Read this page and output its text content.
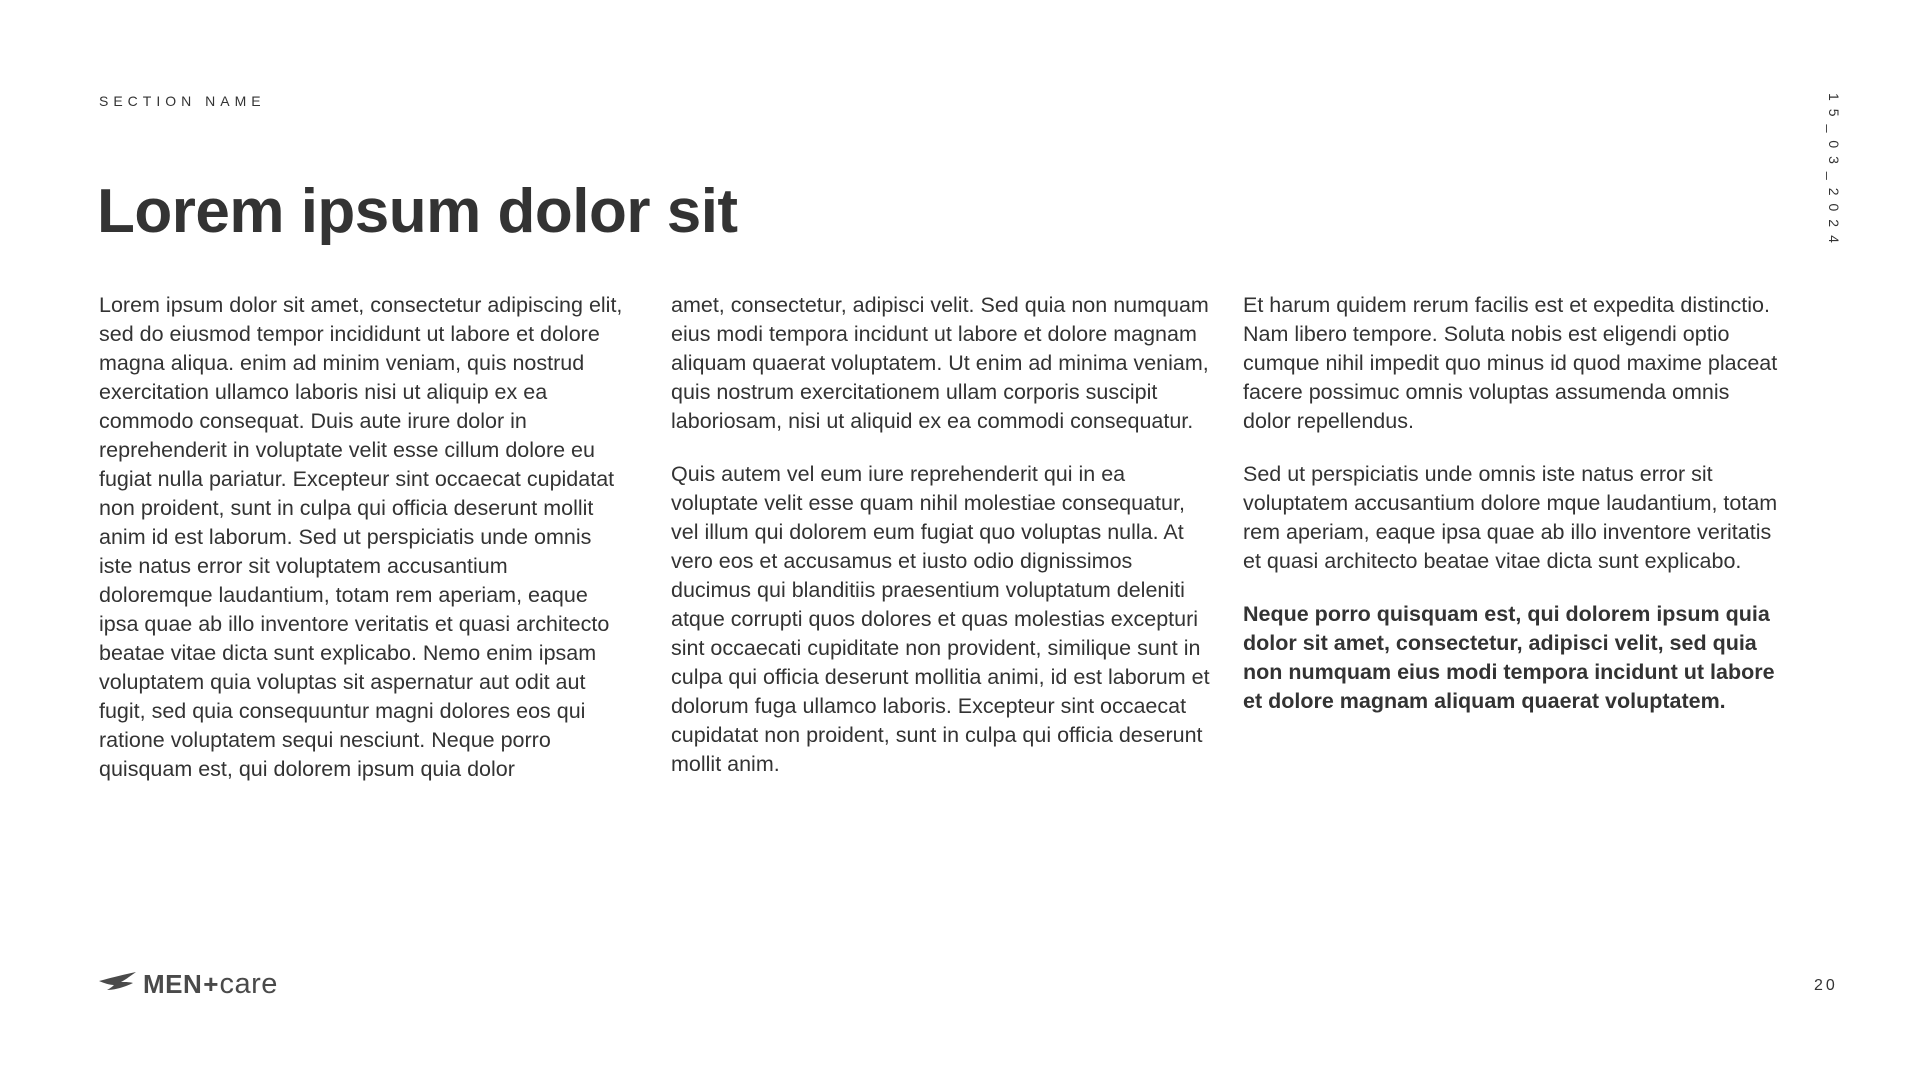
SECTION NAME	15_03_2024
Lorem ipsum dolor sit

Lorem ipsum dolor sit amet, consectetur adipiscing elit, sed do eiusmod tempor incididunt ut labore et dolore magna aliqua. enim ad minim veniam, quis nostrud exercitation ullamco laboris nisi ut aliquip ex ea commodo consequat. Duis aute irure dolor in reprehenderit in voluptate velit esse cillum dolore eu fugiat nulla pariatur. Excepteur sint occaecat cupidatat non proident, sunt in culpa qui officia deserunt mollit anim id est laborum. Sed ut perspiciatis unde omnis iste natus error sit voluptatem accusantium doloremque laudantium, totam rem aperiam, eaque ipsa quae ab illo inventore veritatis et quasi architecto beatae vitae dicta sunt explicabo. Nemo enim ipsam voluptatem quia voluptas sit aspernatur aut odit aut fugit, sed quia consequuntur magni dolores eos qui ratione voluptatem sequi nesciunt. Neque porro quisquam est, qui dolorem ipsum quia dolor

amet, consectetur, adipisci velit. Sed quia non numquam eius modi tempora incidunt ut labore et dolore magnam aliquam quaerat voluptatem. Ut enim ad minima veniam, quis nostrum exercitationem ullam corporis suscipit laboriosam, nisi ut aliquid ex ea commodi consequatur.

Quis autem vel eum iure reprehenderit qui in ea voluptate velit esse quam nihil molestiae consequatur, vel illum qui dolorem eum fugiat quo voluptas nulla. At vero eos et accusamus et iusto odio dignissimos ducimus qui blanditiis praesentium voluptatum deleniti atque corrupti quos dolores et quas molestias excepturi sint occaecati cupiditate non provident, similique sunt in culpa qui officia deserunt mollitia animi, id est laborum et dolorum fuga ullamco laboris. Excepteur sint occaecat cupidatat non proident, sunt in culpa qui officia deserunt mollit anim.

Et harum quidem rerum facilis est et expedita distinctio. Nam libero tempore. Soluta nobis est eligendi optio cumque nihil impedit quo minus id quod maxime placeat facere possimuc omnis voluptas assumenda omnis dolor repellendus.

Sed ut perspiciatis unde omnis iste natus error sit voluptatem accusantium dolore mque laudantium, totam rem aperiam, eaque ipsa quae ab illo inventore veritatis et quasi architecto beatae vitae dicta sunt explicabo.

Neque porro quisquam est, qui dolorem ipsum quia dolor sit amet, consectetur, adipisci velit, sed quia non numquam eius modi tempora incidunt ut labore et dolore magnam aliquam quaerat voluptatem.

MEN + care	20
